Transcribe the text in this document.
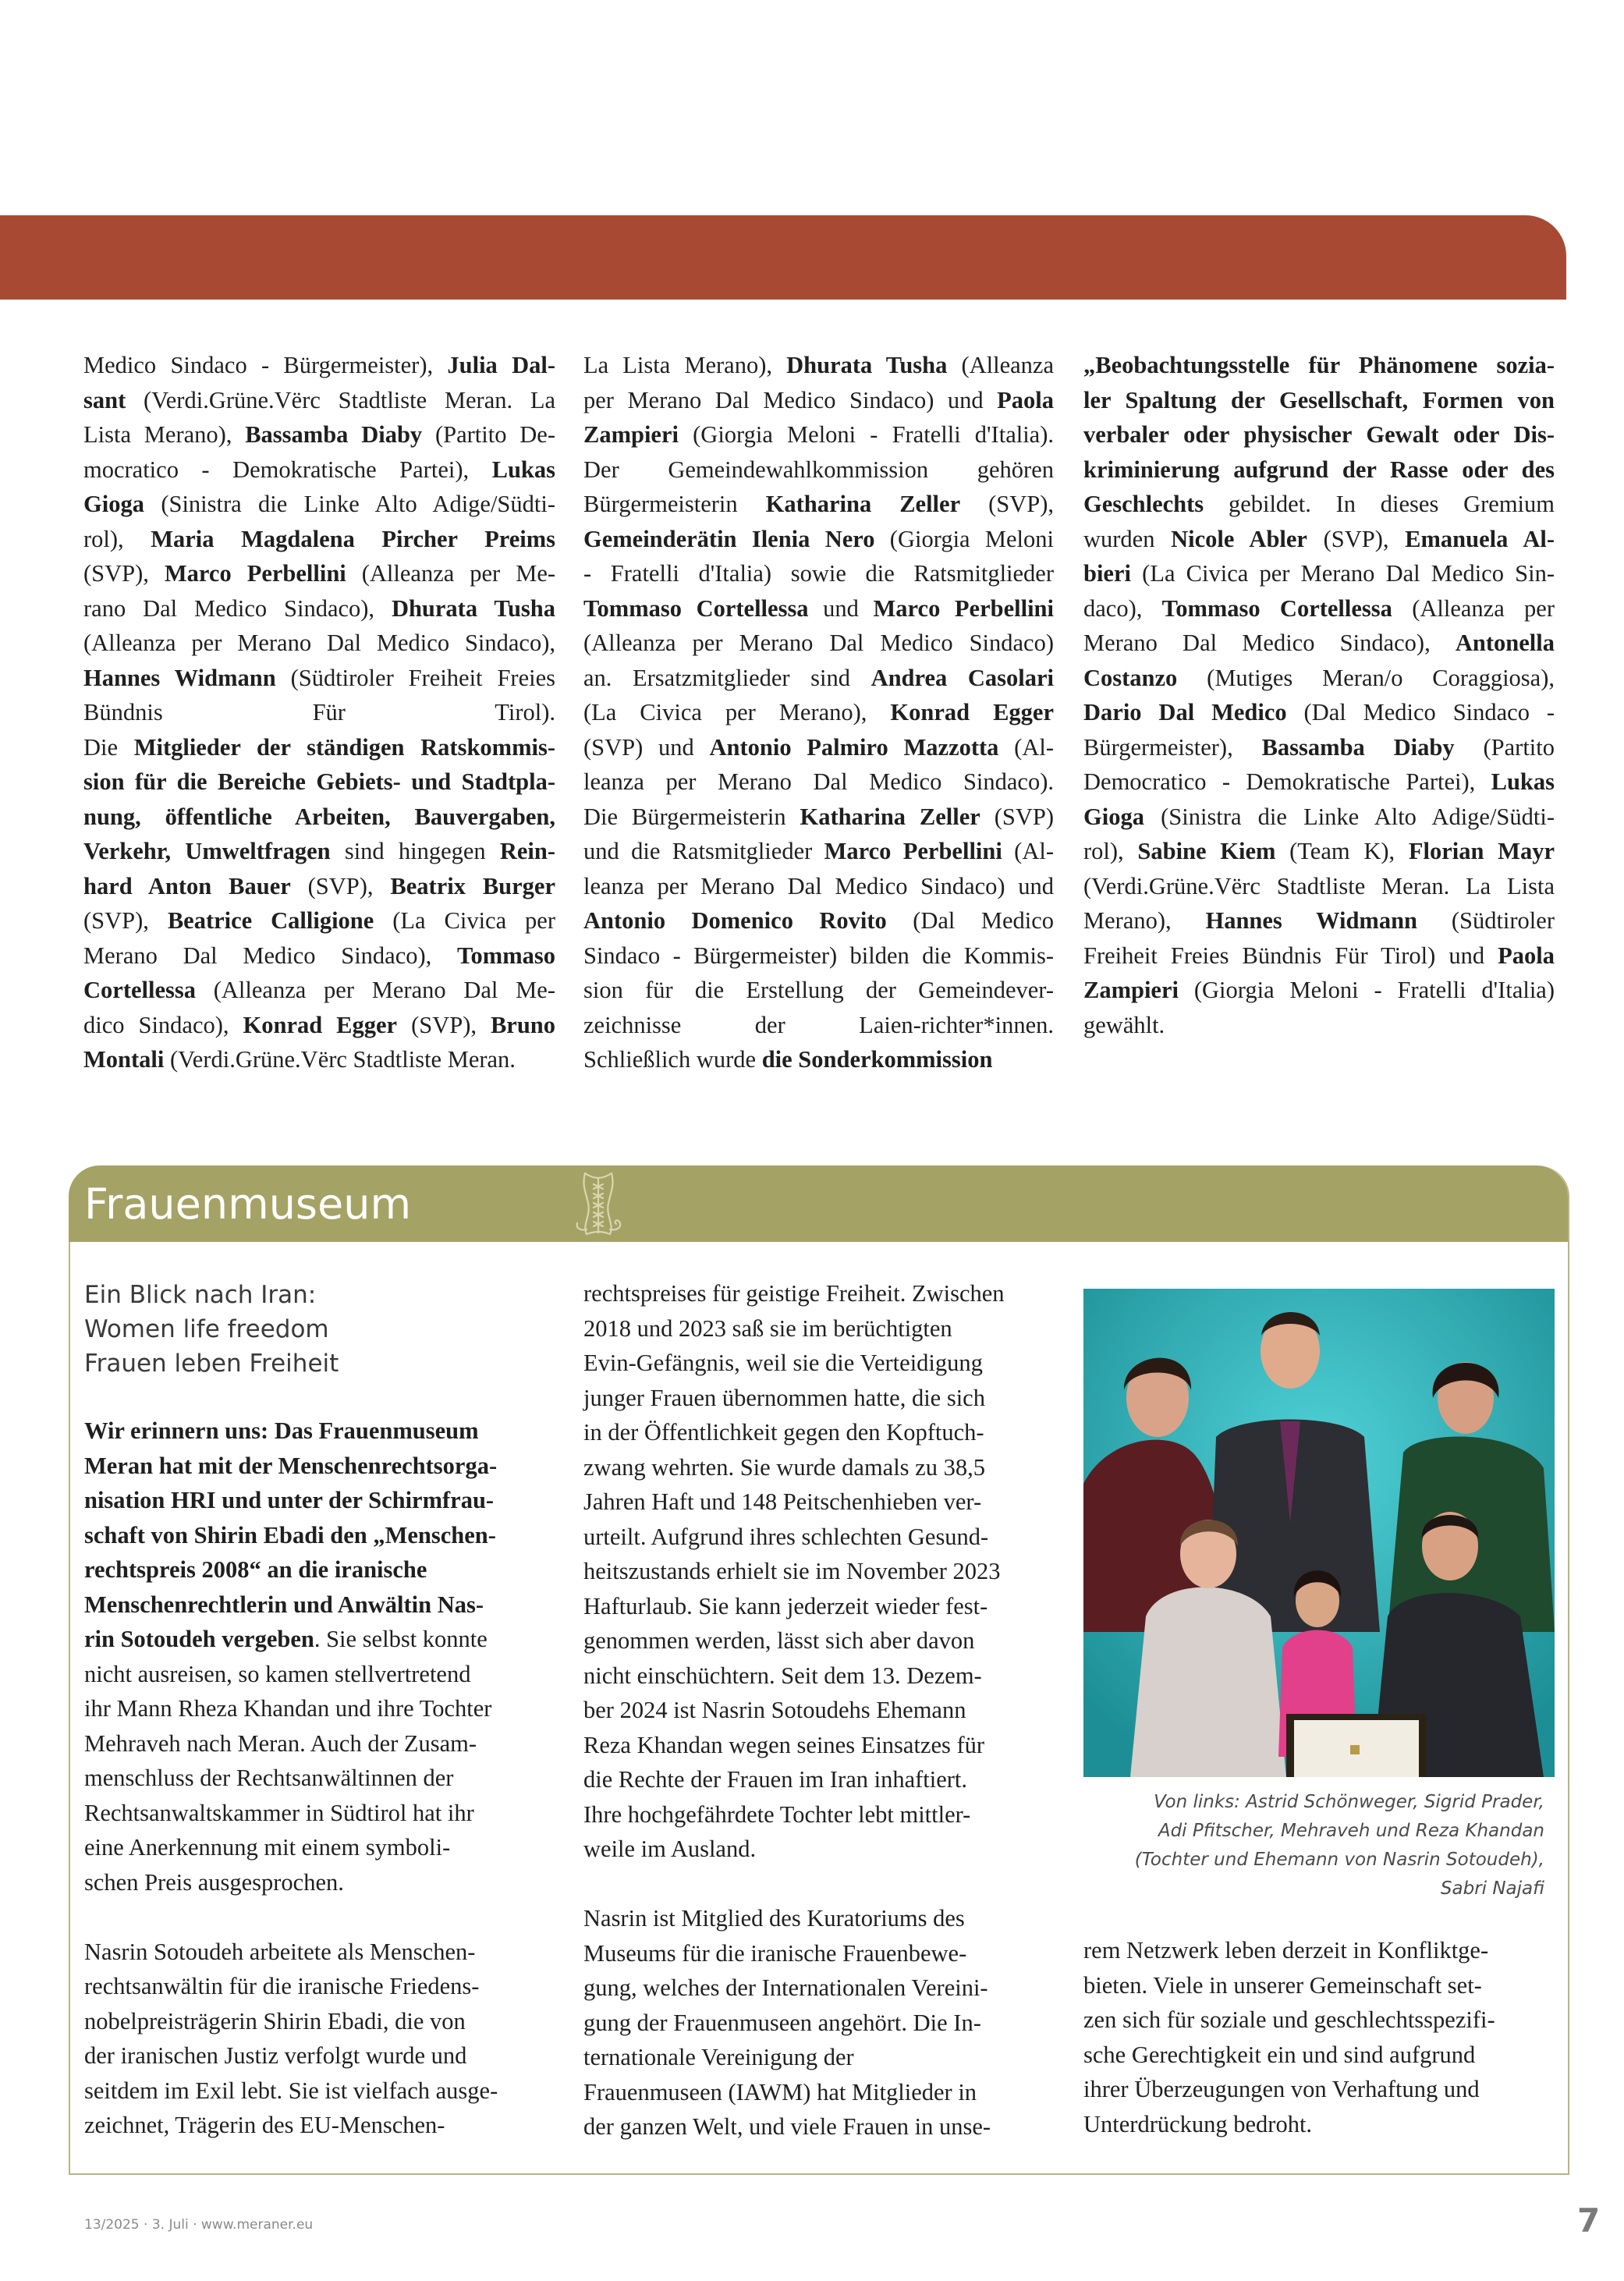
Medico Sindaco - Bürgermeister), Julia Dal-

sant (Verdi.Grüne.Vërc Stadtliste Meran. La

Lista Merano), Bassamba Diaby (Partito De-

mocratico - Demokratische Partei), Lukas

Gioga (Sinistra die Linke Alto Adige/Südti-

rol), Maria Magdalena Pircher Preims

(SVP), Marco Perbellini (Alleanza per Me-

rano Dal Medico Sindaco), Dhurata Tusha

(Alleanza per Merano Dal Medico Sindaco),

Hannes Widmann (Südtiroler Freiheit Freies

Bündnis Für Tirol).

Die Mitglieder der ständigen Ratskommis-

sion für die Bereiche Gebiets- und Stadtpla-

nung, öffentliche Arbeiten, Bauvergaben,

Verkehr, Umweltfragen sind hingegen Rein-

hard Anton Bauer (SVP), Beatrix Burger

(SVP), Beatrice Calligione (La Civica per

Merano Dal Medico Sindaco), Tommaso

Cortellessa (Alleanza per Merano Dal Me-

dico Sindaco), Konrad Egger (SVP), Bruno

Montali (Verdi.Grüne.Vërc Stadtliste Meran.

La Lista Merano), Dhurata Tusha (Alleanza

per Merano Dal Medico Sindaco) und Paola

Zampieri (Giorgia Meloni - Fratelli d'Italia).

Der Gemeindewahlkommission gehören

Bürgermeisterin Katharina Zeller (SVP),

Gemeinderätin Ilenia Nero (Giorgia Meloni

- Fratelli d'Italia) sowie die Ratsmitglieder

Tommaso Cortellessa und Marco Perbellini

(Alleanza per Merano Dal Medico Sindaco)

an. Ersatzmitglieder sind Andrea Casolari

(La Civica per Merano), Konrad Egger

(SVP) und Antonio Palmiro Mazzotta (Al-

leanza per Merano Dal Medico Sindaco).

Die Bürgermeisterin Katharina Zeller (SVP)

und die Ratsmitglieder Marco Perbellini (Al-

leanza per Merano Dal Medico Sindaco) und

Antonio Domenico Rovito (Dal Medico

Sindaco - Bürgermeister) bilden die Kommis-

sion für die Erstellung der Gemeindever-

zeichnisse der Laien-richter*innen.

Schließlich wurde die Sonderkommission

„Beobachtungsstelle für Phänomene sozia-

ler Spaltung der Gesellschaft, Formen von

verbaler oder physischer Gewalt oder Dis-

kriminierung aufgrund der Rasse oder des

Geschlechts gebildet. In dieses Gremium

wurden Nicole Abler (SVP), Emanuela Al-

bieri (La Civica per Merano Dal Medico Sin-

daco), Tommaso Cortellessa (Alleanza per

Merano Dal Medico Sindaco), Antonella

Costanzo (Mutiges Meran/o Coraggiosa),

Dario Dal Medico (Dal Medico Sindaco -

Bürgermeister), Bassamba Diaby (Partito

Democratico - Demokratische Partei), Lukas

Gioga (Sinistra die Linke Alto Adige/Südti-

rol), Sabine Kiem (Team K), Florian Mayr

(Verdi.Grüne.Vërc Stadtliste Meran. La Lista

Merano), Hannes Widmann (Südtiroler

Freiheit Freies Bündnis Für Tirol) und Paola

Zampieri (Giorgia Meloni - Fratelli d'Italia)

gewählt.

Frauenmuseum
Ein Blick nach Iran:
Women life freedom
Frauen leben Freiheit

Wir erinnern uns: Das Frauenmuseum

Meran hat mit der Menschenrechtsorga-

nisation HRI und unter der Schirmfrau-

schaft von Shirin Ebadi den „Menschen-

rechtspreis 2008“ an die iranische

Menschenrechtlerin und Anwältin Nas-

rin Sotoudeh vergeben. Sie selbst konnte

nicht ausreisen, so kamen stellvertretend

ihr Mann Rheza Khandan und ihre Tochter

Mehraveh nach Meran. Auch der Zusam-

menschluss der Rechtsanwältinnen der

Rechtsanwaltskammer in Südtirol hat ihr

eine Anerkennung mit einem symboli-

schen Preis ausgesprochen.

Nasrin Sotoudeh arbeitete als Menschen-

rechtsanwältin für die iranische Friedens-

nobelpreisträgerin Shirin Ebadi, die von

der iranischen Justiz verfolgt wurde und

seitdem im Exil lebt. Sie ist vielfach ausge-

zeichnet, Trägerin des EU-Menschen-

rechtspreises für geistige Freiheit. Zwischen

2018 und 2023 saß sie im berüchtigten

Evin-Gefängnis, weil sie die Verteidigung

junger Frauen übernommen hatte, die sich

in der Öffentlichkeit gegen den Kopftuch-

zwang wehrten. Sie wurde damals zu 38,5

Jahren Haft und 148 Peitschenhieben ver-

urteilt. Aufgrund ihres schlechten Gesund-

heitszustands erhielt sie im November 2023

Hafturlaub. Sie kann jederzeit wieder fest-

genommen werden, lässt sich aber davon

nicht einschüchtern. Seit dem 13. Dezem-

ber 2024 ist Nasrin Sotoudehs Ehemann

Reza Khandan wegen seines Einsatzes für

die Rechte der Frauen im Iran inhaftiert.

Ihre hochgefährdete Tochter lebt mittler-

weile im Ausland.

Nasrin ist Mitglied des Kuratoriums des

Museums für die iranische Frauenbewe-

gung, welches der Internationalen Vereini-

gung der Frauenmuseen angehört. Die In-

ternationale Vereinigung der

Frauenmuseen (IAWM) hat Mitglieder in

der ganzen Welt, und viele Frauen in unse-

Von links: Astrid Schönweger, Sigrid Prader,
Adi Pfitscher, Mehraveh und Reza Khandan
(Tochter und Ehemann von Nasrin Sotoudeh),
Sabri Najafi

rem Netzwerk leben derzeit in Konfliktge-

bieten. Viele in unserer Gemeinschaft set-

zen sich für soziale und geschlechtsspezifi-

sche Gerechtigkeit ein und sind aufgrund

ihrer Überzeugungen von Verhaftung und

Unterdrückung bedroht.

13/2025 · 3. Juli · www.meraner.eu	7
